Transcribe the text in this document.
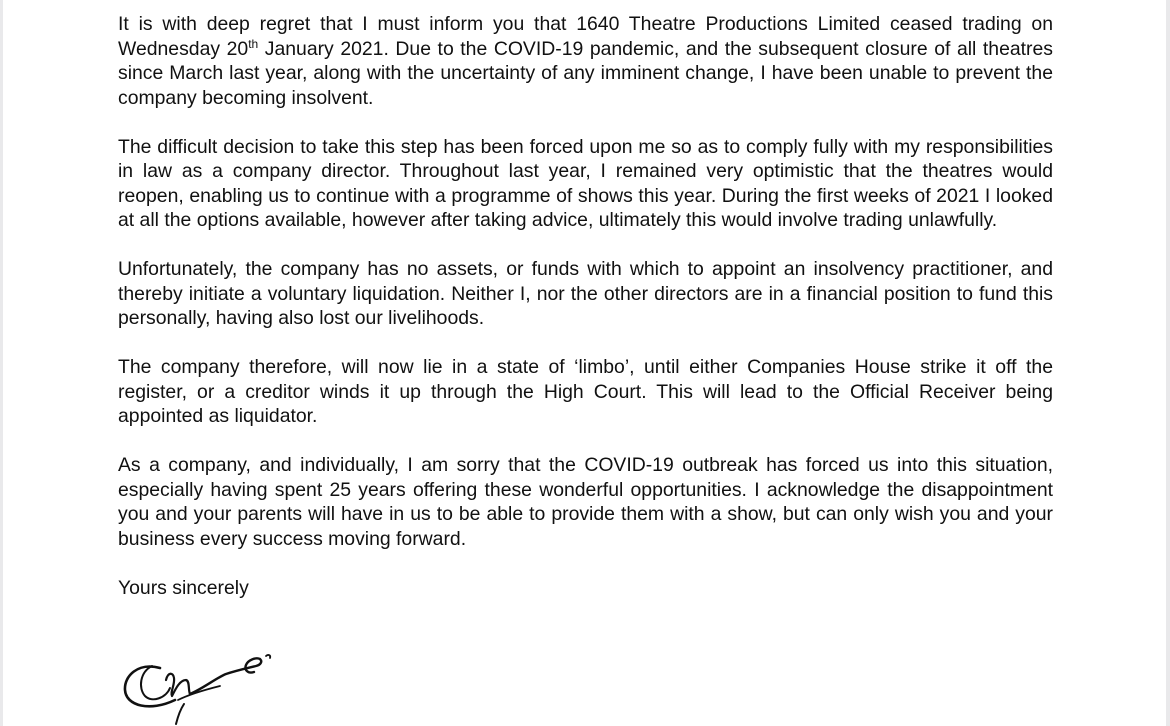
It is with deep regret that I must inform you that 1640 Theatre Productions Limited ceased trading on Wednesday 20th January 2021. Due to the COVID-19 pandemic, and the subsequent closure of all theatres since March last year, along with the uncertainty of any imminent change, I have been unable to prevent the company becoming insolvent.

The difficult decision to take this step has been forced upon me so as to comply fully with my responsibilities in law as a company director. Throughout last year, I remained very optimistic that the theatres would reopen, enabling us to continue with a programme of shows this year. During the first weeks of 2021 I looked at all the options available, however after taking advice, ultimately this would involve trading unlawfully.

Unfortunately, the company has no assets, or funds with which to appoint an insolvency practitioner, and thereby initiate a voluntary liquidation. Neither I, nor the other directors are in a financial position to fund this personally, having also lost our livelihoods.

The company therefore, will now lie in a state of ‘limbo’, until either Companies House strike it off the register, or a creditor winds it up through the High Court. This will lead to the Official Receiver being appointed as liquidator.

As a company, and individually, I am sorry that the COVID-19 outbreak has forced us into this situation, especially having spent 25 years offering these wonderful opportunities. I acknowledge the disappointment you and your parents will have in us to be able to provide them with a show, but can only wish you and your business every success moving forward.

Yours sincerely
